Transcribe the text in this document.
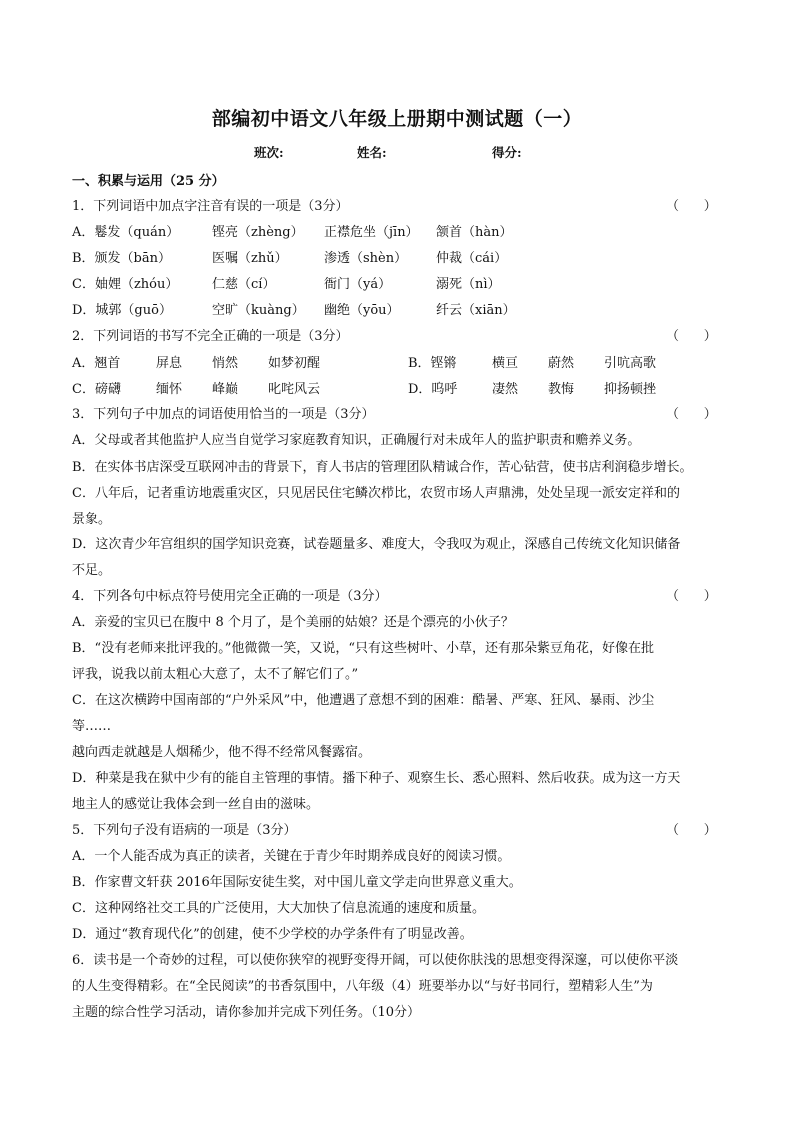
部编初中语文八年级上册期中测试题（一）
班次:	姓名:	得分:
一、积累与运用（25 分）
1．下列词语中加点字注音有误的一项是（3分）	（      ）
A．鬈发（quán）	铿亮（zhèng） 正襟危坐（jīn） 颔首（hàn）
B．颁发（bān）	医嘱（zhǔ）	渗透（shèn） 仲裁（cái）
C．妯娌（zhóu）	仁慈（cí）	衙门（yá）	溺死（nì）
D．城郭（guō）	空旷（kuàng） 幽绝（yōu）	纤云（xiān）
2．下列词语的书写不完全正确的一项是（3分）	（      ）
A．翘首	屏息 悄然 如梦初醒	B．铿锵	横亘 蔚然 引吭高歌
C．磅礴	缅怀 峰巅 叱咤风云	D．呜呼	凄然 教悔 抑扬顿挫
3．下列句子中加点的词语使用恰当的一项是（3分）	（      ）
A．父母或者其他监护人应当自觉学习家庭教育知识，正确履行对未成年人的监护职责和赡养义务。
B．在实体书店深受互联网冲击的背景下，育人书店的管理团队精诚合作，苦心钻营，使书店利润稳步增长。
C．八年后，记者重访地震重灾区，只见居民住宅鳞次栉比，农贸市场人声鼎沸，处处呈现一派安定祥和的
景象。
D．这次青少年宫组织的国学知识竞赛，试卷题量多、难度大，令我叹为观止，深感自己传统文化知识储备
不足。
4．下列各句中标点符号使用完全正确的一项是（3分）	（      ）
A．亲爱的宝贝已在腹中 8 个月了，是个美丽的姑娘？还是个漂亮的小伙子？
B．“没有老师来批评我的。”他微微一笑，又说，“只有这些树叶、小草，还有那朵紫豆角花，好像在批
评我，说我以前太粗心大意了，太不了解它们了。”
C．在这次横跨中国南部的“户外采风”中，他遭遇了意想不到的困难：酷暑、严寒、狂风、暴雨、沙尘
等……
越向西走就越是人烟稀少，他不得不经常风餐露宿。
D．种菜是我在狱中少有的能自主管理的事情。播下种子、观察生长、悉心照料、然后收获。成为这一方天
地主人的感觉让我体会到一丝自由的滋味。
5．下列句子没有语病的一项是（3分）	（      ）
A．一个人能否成为真正的读者，关键在于青少年时期养成良好的阅读习惯。
B．作家曹文轩获 2016年国际安徒生奖，对中国儿童文学走向世界意义重大。
C．这种网络社交工具的广泛使用，大大加快了信息流通的速度和质量。
D．通过“教育现代化”的创建，使不少学校的办学条件有了明显改善。
6．读书是一个奇妙的过程，可以使你狭窄的视野变得开阔，可以使你肤浅的思想变得深邃，可以使你平淡
的人生变得精彩。在“全民阅读”的书香氛围中，八年级（4）班要举办以“与好书同行，塑精彩人生”为
主题的综合性学习活动，请你参加并完成下列任务。（10分）
